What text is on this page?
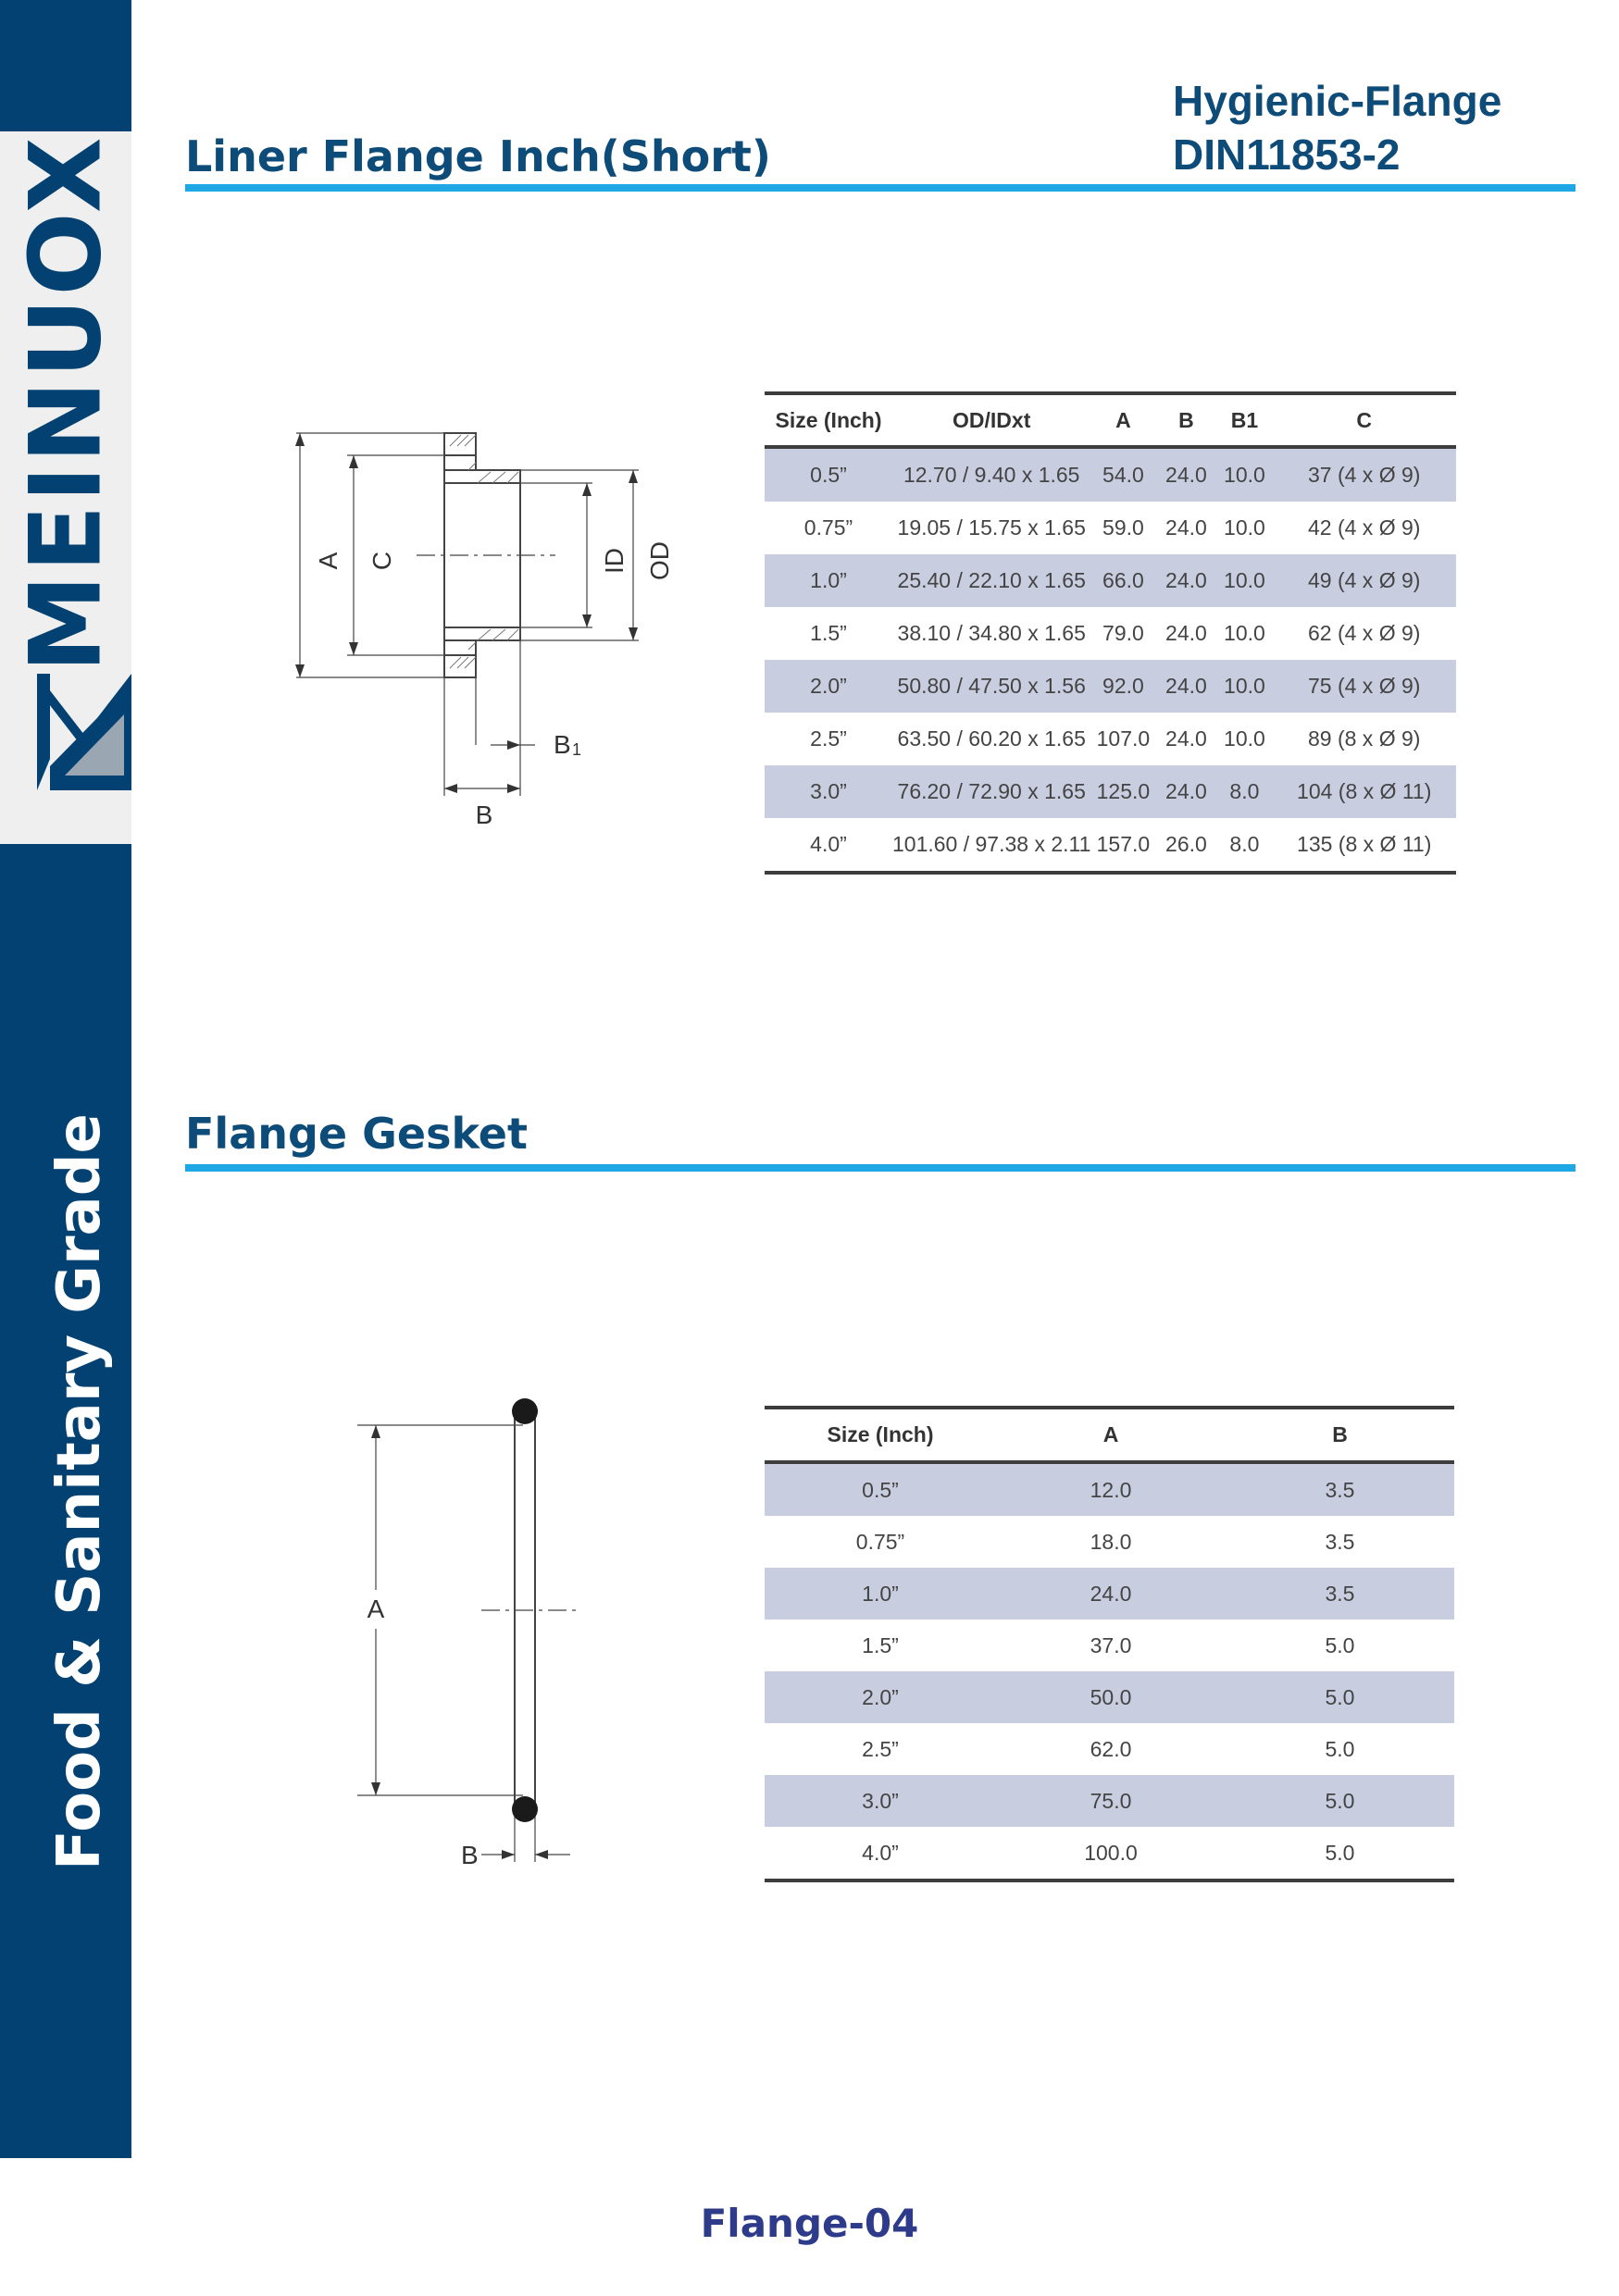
MEINUOX
Food & Sanitary Grade
Hygienic-Flange
DIN11853-2
Liner Flange Inch(Short)
Flange Gesket
A C	ID OD
B
B 1
Size (Inch)	OD/IDxt	A	B	B1	C
0.5”	12.70 / 9.40 x 1.65	54.0	24.0	10.0	37 (4 x Ø 9)
0.75”	19.05 / 15.75 x 1.65	59.0	24.0	10.0	42 (4 x Ø 9)
1.0”	25.40 / 22.10 x 1.65	66.0	24.0	10.0	49 (4 x Ø 9)
1.5”	38.10 / 34.80 x 1.65	79.0	24.0	10.0	62 (4 x Ø 9)
2.0”	50.80 / 47.50 x 1.56	92.0	24.0	10.0	75 (4 x Ø 9)
2.5”	63.50 / 60.20 x 1.65	107.0	24.0	10.0	89 (8 x Ø 9)
3.0”	76.20 / 72.90 x 1.65	125.0	24.0	8.0	104 (8 x Ø 11)
4.0”	101.60 / 97.38 x 2.11	157.0	26.0	8.0	135 (8 x Ø 11)
A
B
Size (Inch)	A	B
0.5”	12.0	3.5
0.75”	18.0	3.5
1.0”	24.0	3.5
1.5”	37.0	5.0
2.0”	50.0	5.0
2.5”	62.0	5.0
3.0”	75.0	5.0
4.0”	100.0	5.0
Flange-04
